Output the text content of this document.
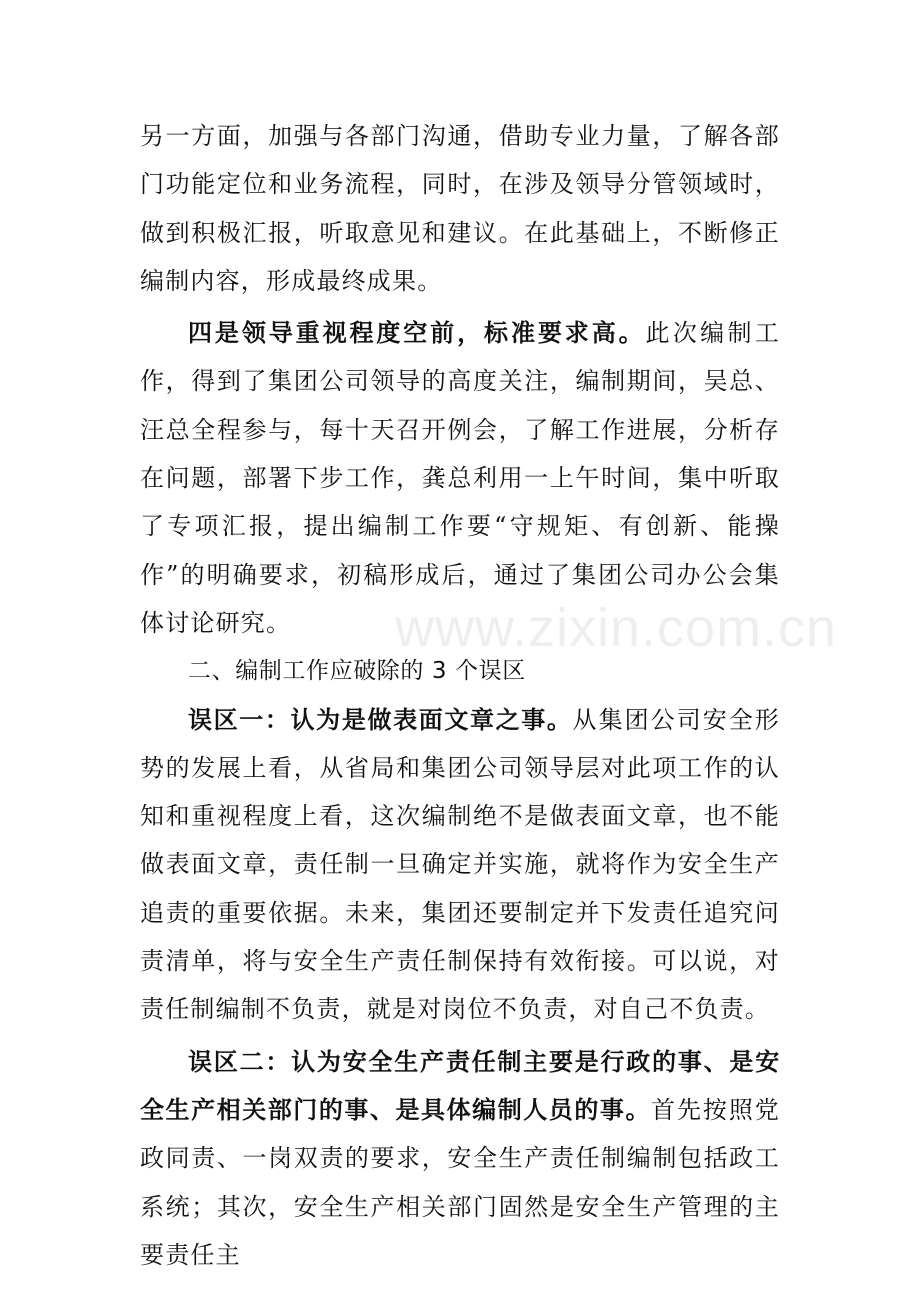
另一方面，加强与各部门沟通，借助专业力量，了解各部门功能定位和业务流程，同时，在涉及领导分管领域时，做到积极汇报，听取意见和建议。在此基础上，不断修正编制内容，形成最终成果。

四是领导重视程度空前，标准要求高。此次编制工作，得到了集团公司领导的高度关注，编制期间，吴总、汪总全程参与，每十天召开例会，了解工作进展，分析存在问题，部署下步工作，龚总利用一上午时间，集中听取了专项汇报，提出编制工作要“守规矩、有创新、能操作”的明确要求，初稿形成后，通过了集团公司办公会集体讨论研究。

二、编制工作应破除的 3 个误区

误区一：认为是做表面文章之事。从集团公司安全形势的发展上看，从省局和集团公司领导层对此项工作的认知和重视程度上看，这次编制绝不是做表面文章，也不能做表面文章，责任制一旦确定并实施，就将作为安全生产追责的重要依据。未来，集团还要制定并下发责任追究问责清单，将与安全生产责任制保持有效衔接。可以说，对责任制编制不负责，就是对岗位不负责，对自己不负责。

误区二：认为安全生产责任制主要是行政的事、是安全生产相关部门的事、是具体编制人员的事。首先按照党政同责、一岗双责的要求，安全生产责任制编制包括政工系统；其次，安全生产相关部门固然是安全生产管理的主要责任主

www.zixin.com.cn
